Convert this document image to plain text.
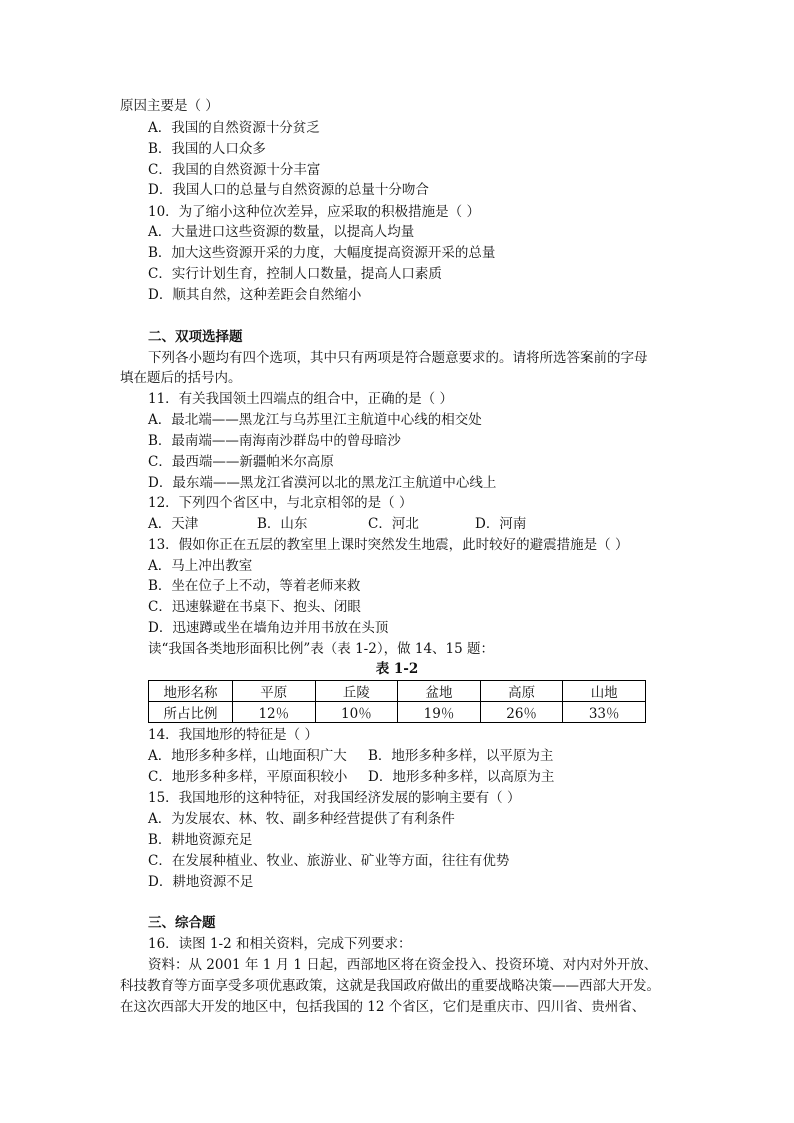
原因主要是（ ）
A．我国的自然资源十分贫乏
B．我国的人口众多
C．我国的自然资源十分丰富
D．我国人口的总量与自然资源的总量十分吻合
10．为了缩小这种位次差异，应采取的积极措施是（ ）
A．大量进口这些资源的数量，以提高人均量
B．加大这些资源开采的力度，大幅度提高资源开采的总量
C．实行计划生育，控制人口数量，提高人口素质
D．顺其自然，这种差距会自然缩小
二、双项选择题
下列各小题均有四个选项，其中只有两项是符合题意要求的。请将所选答案前的字母
填在题后的括号内。
11．有关我国领土四端点的组合中，正确的是（ ）
A．最北端——黑龙江与乌苏里江主航道中心线的相交处
B．最南端——南海南沙群岛中的曾母暗沙
C．最西端——新疆帕米尔高原
D．最东端——黑龙江省漠河以北的黑龙江主航道中心线上
12．下列四个省区中，与北京相邻的是（ ）
A．天津	B．山东	C．河北	D．河南
13．假如你正在五层的教室里上课时突然发生地震，此时较好的避震措施是（ ）
A．马上冲出教室
B．坐在位子上不动，等着老师来救
C．迅速躲避在书桌下、抱头、闭眼
D．迅速蹲或坐在墙角边并用书放在头顶
读“我国各类地形面积比例”表（表 1-2），做 14、15 题：
表 1-2
地形名称	平原	丘陵	盆地	高原	山地
所占比例	12％	10％	19％	26％	33％
14．我国地形的特征是（ ）
A．地形多种多样，山地面积广大 B．地形多种多样，以平原为主
C．地形多种多样，平原面积较小 D．地形多种多样，以高原为主
15．我国地形的这种特征，对我国经济发展的影响主要有（ ）
A．为发展农、林、牧、副多种经营提供了有利条件
B．耕地资源充足
C．在发展种植业、牧业、旅游业、矿业等方面，往往有优势
D．耕地资源不足
三、综合题
16．读图 1-2 和相关资料，完成下列要求：
资料：从 2001 年 1 月 1 日起，西部地区将在资金投入、投资环境、对内对外开放、
科技教育等方面享受多项优惠政策，这就是我国政府做出的重要战略决策——西部大开发。
在这次西部大开发的地区中，包括我国的 12 个省区，它们是重庆市、四川省、贵州省、
